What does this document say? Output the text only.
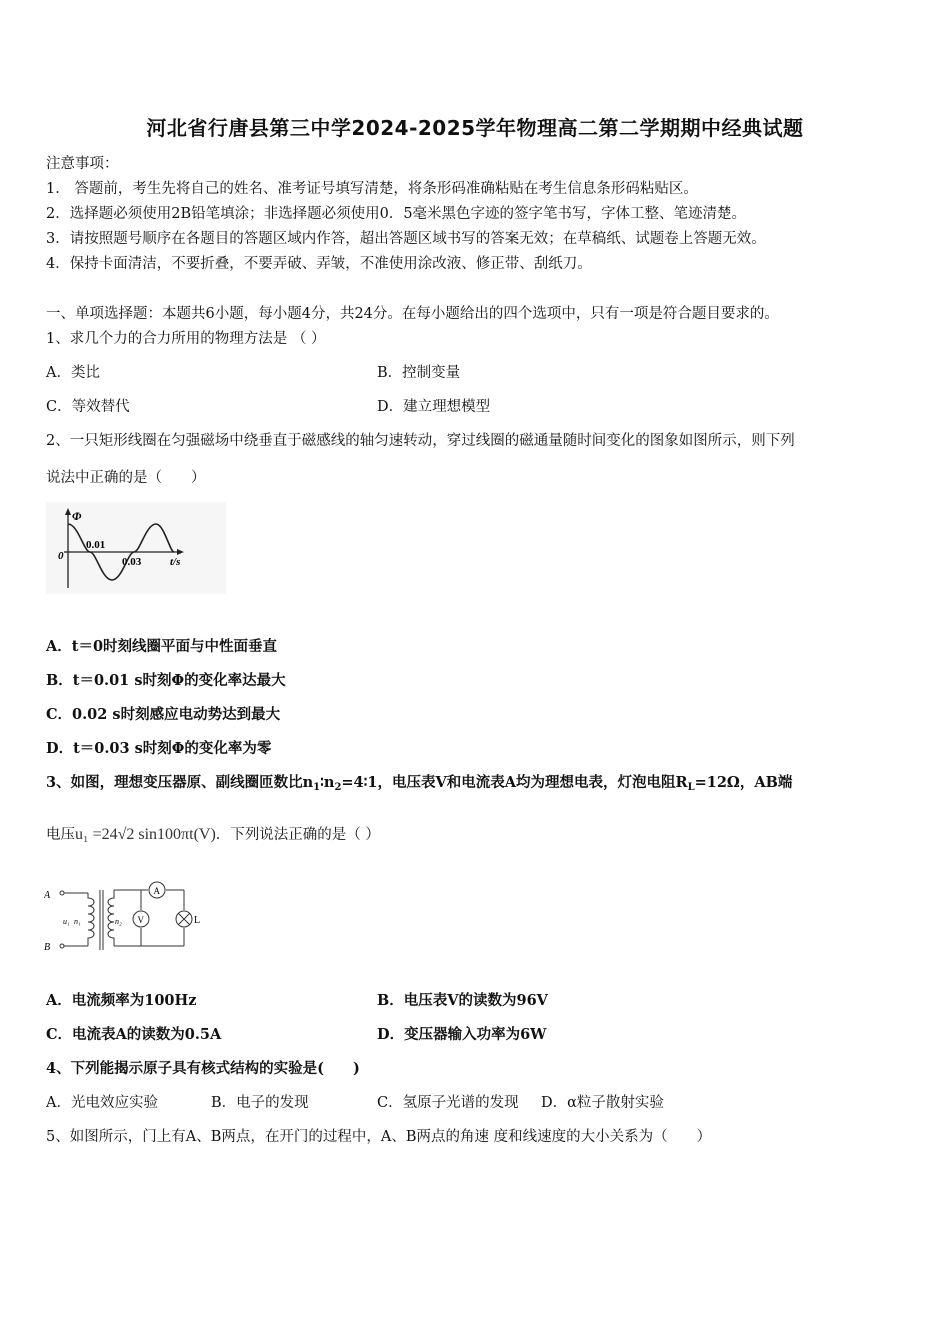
河北省行唐县第三中学2024-2025学年物理高二第二学期期中经典试题
注意事项：
1． 答题前，考生先将自己的姓名、准考证号填写清楚，将条形码准确粘贴在考生信息条形码粘贴区。
2．选择题必须使用2B铅笔填涂；非选择题必须使用0．5毫米黑色字迹的签字笔书写，字体工整、笔迹清楚。
3．请按照题号顺序在各题目的答题区域内作答，超出答题区域书写的答案无效；在草稿纸、试题卷上答题无效。
4．保持卡面清洁，不要折叠，不要弄破、弄皱，不准使用涂改液、修正带、刮纸刀。
一、单项选择题：本题共6小题，每小题4分，共24分。在每小题给出的四个选项中，只有一项是符合题目要求的。
1、求几个力的合力所用的物理方法是 （ ）
A．类比	B．控制变量
C．等效替代	D．建立理想模型
2、一只矩形线圈在匀强磁场中绕垂直于磁感线的轴匀速转动，穿过线圈的磁通量随时间变化的图象如图所示，则下列
说法中正确的是（　　）
Φ
0
0.01
0.03	t/s
A．t＝0时刻线圈平面与中性面垂直
B．t＝0.01 s时刻Φ的变化率达最大
C．0.02 s时刻感应电动势达到最大
D．t＝0.03 s时刻Φ的变化率为零
3、如图，理想变压器原、副线圈匝数比$n_1∶n_2=4∶1$，电压表V和电流表A均为理想电表，灯泡电阻$R_L=12\Omega$，AB端
电压u₁ =24√2 sin100πt(V)．下列说法正确的是（ ）
A
B
u₁ n₁	n₂ V
A
L
A．电流频率为100Hz	B．电压表V的读数为96V
C．电流表A的读数为0.5A	D．变压器输入功率为6W
4、下列能揭示原子具有核式结构的实验是(　　)
A．光电效应实验	B．电子的发现	C．氢原子光谱的发现 D．α粒子散射实验
5、如图所示，门上有A、B两点，在开门的过程中，A、B两点的角速 度和线速度的大小关系为（　　）
